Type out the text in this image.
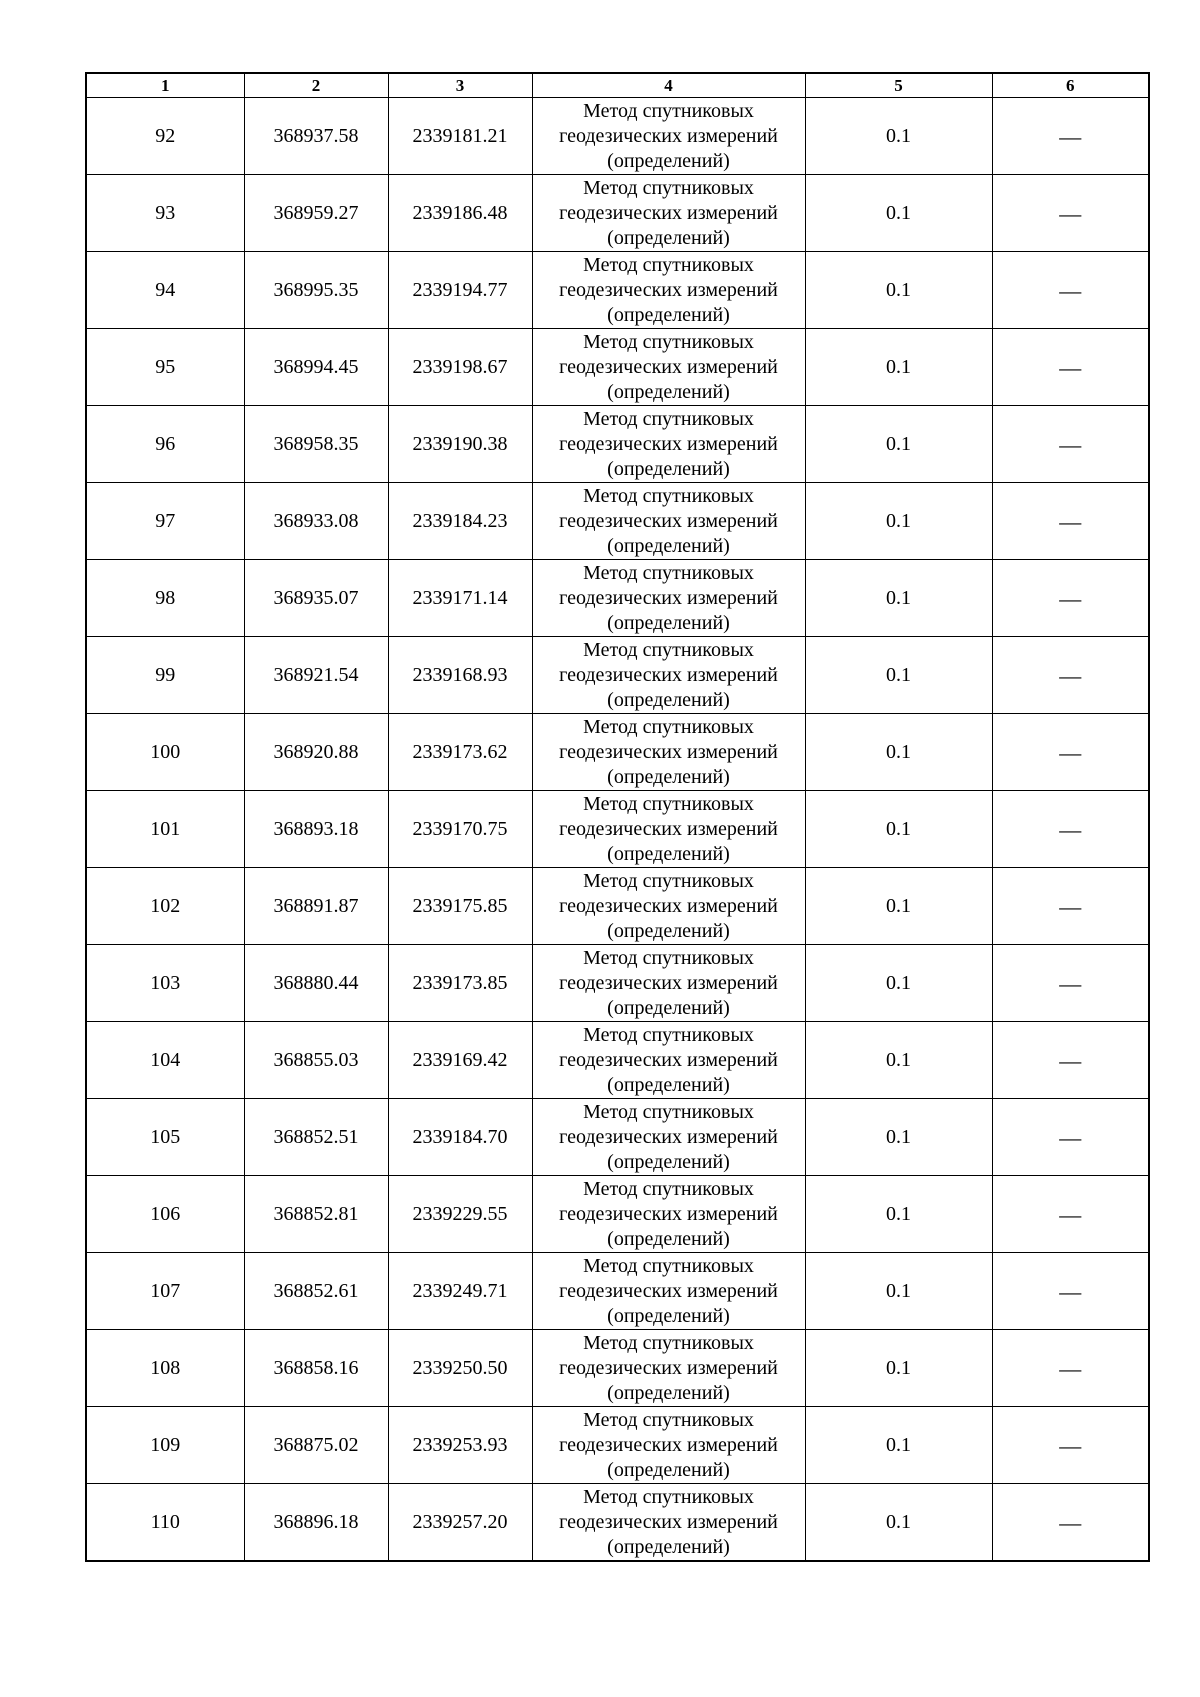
1	2	3	4	5	6
92	368937.58	2339181.21	Метод спутниковых
геодезических измерений
(определений)	0.1	—
93	368959.27	2339186.48	Метод спутниковых
геодезических измерений
(определений)	0.1	—
94	368995.35	2339194.77	Метод спутниковых
геодезических измерений
(определений)	0.1	—
95	368994.45	2339198.67	Метод спутниковых
геодезических измерений
(определений)	0.1	—
96	368958.35	2339190.38	Метод спутниковых
геодезических измерений
(определений)	0.1	—
97	368933.08	2339184.23	Метод спутниковых
геодезических измерений
(определений)	0.1	—
98	368935.07	2339171.14	Метод спутниковых
геодезических измерений
(определений)	0.1	—
99	368921.54	2339168.93	Метод спутниковых
геодезических измерений
(определений)	0.1	—
100	368920.88	2339173.62	Метод спутниковых
геодезических измерений
(определений)	0.1	—
101	368893.18	2339170.75	Метод спутниковых
геодезических измерений
(определений)	0.1	—
102	368891.87	2339175.85	Метод спутниковых
геодезических измерений
(определений)	0.1	—
103	368880.44	2339173.85	Метод спутниковых
геодезических измерений
(определений)	0.1	—
104	368855.03	2339169.42	Метод спутниковых
геодезических измерений
(определений)	0.1	—
105	368852.51	2339184.70	Метод спутниковых
геодезических измерений
(определений)	0.1	—
106	368852.81	2339229.55	Метод спутниковых
геодезических измерений
(определений)	0.1	—
107	368852.61	2339249.71	Метод спутниковых
геодезических измерений
(определений)	0.1	—
108	368858.16	2339250.50	Метод спутниковых
геодезических измерений
(определений)	0.1	—
109	368875.02	2339253.93	Метод спутниковых
геодезических измерений
(определений)	0.1	—
110	368896.18	2339257.20	Метод спутниковых
геодезических измерений
(определений)	0.1	—
